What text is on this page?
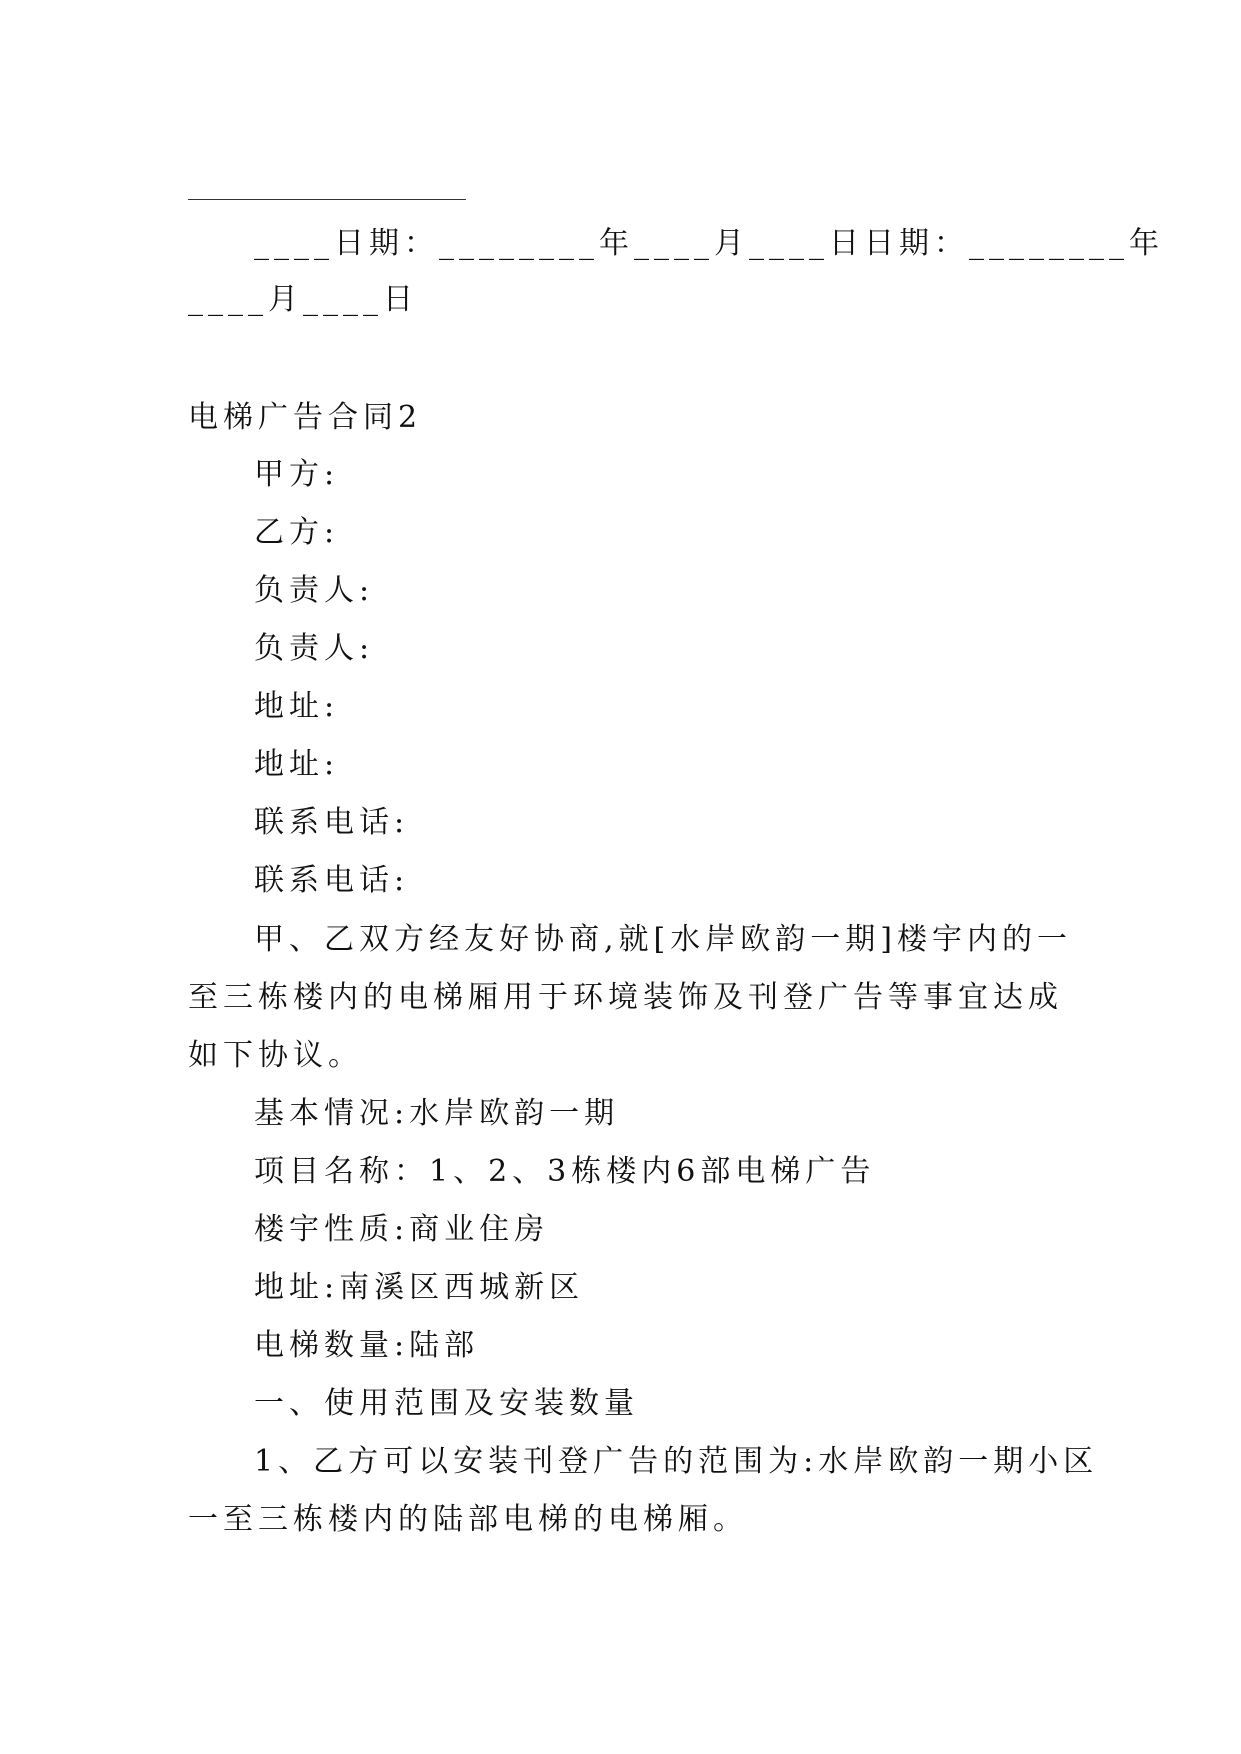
____日期：________年____月____日日期：________年
____月____日
电梯广告合同2
甲方:
乙方:
负责人:
负责人:
地址:
地址:
联系电话:
联系电话:
甲、乙双方经友好协商,就[水岸欧韵一期]楼宇内的一
至三栋楼内的电梯厢用于环境装饰及刊登广告等事宜达成
如下协议。
基本情况:水岸欧韵一期
项目名称：1、2、3栋楼内6部电梯广告
楼宇性质:商业住房
地址:南溪区西城新区
电梯数量:陆部
一、使用范围及安装数量
1、乙方可以安装刊登广告的范围为:水岸欧韵一期小区
一至三栋楼内的陆部电梯的电梯厢。
